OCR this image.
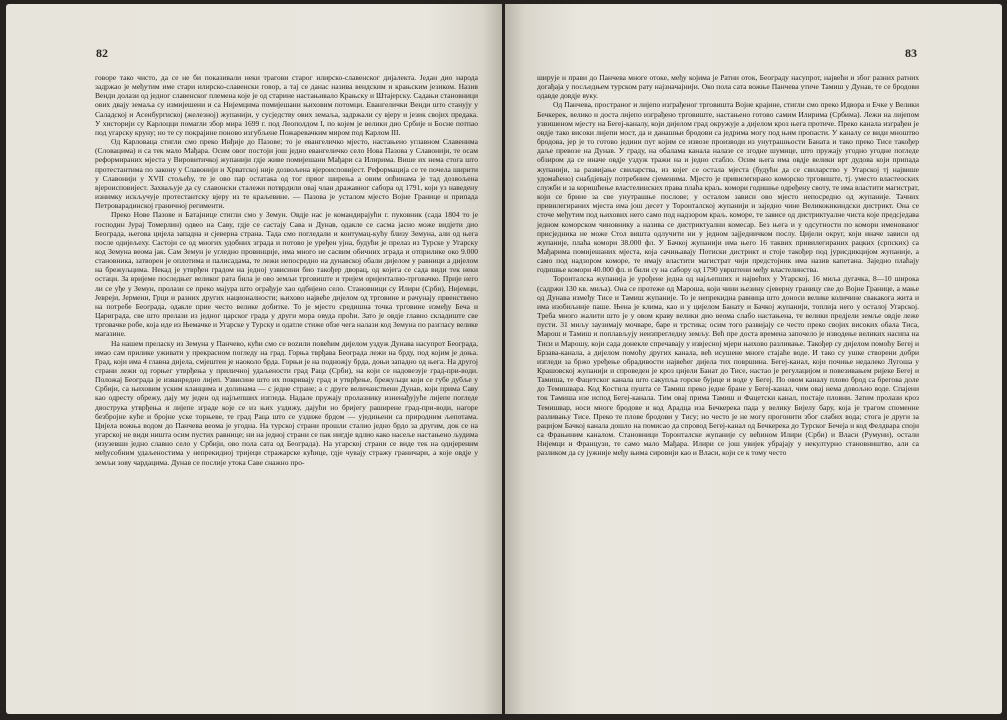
82

говоре тако чисто, да се не би показивали неки трагови старог илирско-славенског дијалекта. Један дио народа задржао је међутим имe стари илирско-славенски говор, а тај се данас назива вендским и крањским језиком. Назив Венди долази од једног славенског племена које је од старине настањивало Крањску и Штајерску. Садањи становници ових двају земаља су измијешени и са Нијемцима помијешани њиховим потомци. Евангелички Венди што станују у Саладској и Асенбургиској (железној) жупанији, у сусједству ових земаља, задржали су вјеру и језик својих предака. У хисторији су Карлоцци помагли збор мира 1699 г. под Леополдом I, по којем је велики дио Србије и Босне потпао под угарску круну; но те су покрајине поново изгубљене Пожаревачким миром под Карлом III.

Од Карловаца стигли смо преко Инђије до Пазове; то је евангеличко мјесто, настањено углавном Славенима (Словацима) и са тек мало Мађара. Осим овог постоји још једно евангеличко село Нова Пазова у Славонији, те осам реформираних мјеста у Вировитичкој жупанији гдје живе помијешани Мађари са Илирима. Више их нема стога што протестантима по закону у Славонији и Хрватској није дозвољена вјероисповијест. Реформација се тe почела ширити у Славонији у XVII стољећу, те је ово пар остатака од тог првог ширења а овим опћинама је тад дозвољена вјероисповијест. Захваљује да су славонски сталежи потврдили овај члан дражавног сабора од 1791, који уз наведену изнимку искључује протестантску вјеру из те краљевине. — Пазова је усталом мјесто Војне Границе и припада Петроварадинској граничној регименти.

Преко Нове Пазове и Батајнице стигли смо у Земун. Овдје нас је командирајући г. пуковник (сада 1804 то је господин Јурај Томерлин) одвео на Саву, гдје се састају Сава и Дунав, одакле се сасма јасно може видјети дио Београда, његова цијела западна и сјеверна страна. Тада смо погледали и контумац-кућу близу Земуна, али од њега после одијељеху. Састоји се од многих удобних зграда и потово је уређен ујна, будући је прелаз из Турске у Угарску код Земуна веома јак. Сам Земун је угледно провинције, има много не сасвим обичних зграда и отприлике око 9.000 становника, затворен је оплотима и палисадама, те лежи непосредно на дунавској обали дијелом у равници а дијелом на брежуљцима. Некад је утврђен градом на једној узвисини био такођер дворац, од којега се сада види тек неки остаци. За вријеме последњег великог рата била је ово земљи трговиште и тријем оријентално-трговачко. Прије него ли се уђе у Земун, пролази се преко мајура што ограђује хао одбијено село. Становници су Илири (Срби), Нијемци, Јевреји, Јермени, Грци и разних других националности; њихово највеће дијелом од трговине и рачунају првенствено на потребе Београда, одакле прие често велике добитке. То је мјесто средишна точка трговине између Беча и Цариграда, све што прелази из једног царског града у други мора овуда проћи. Зато је овдје главно складиште све трговачке робе, која иде из Њемачке и Угарске у Турску и одатле стиже обзе чега налази код Земуна по разгласу велике магазине.

На нашем преласку из Земуна у Панчево, кући смо се вozили повећим дијелом уздуж Дунава насупрот Београда, имао сам прилике уживати у прекрасном погледу на град. Горња тврђава Београда лежи на брду, под којим је доња. Град, који има 4 главна дијела, смјештен је наоколо брда. Горњи је на подножју брда, доњи западно од њега. На другој страни лежи од горњег утврђења у приличној удаљености град Раца (Срби), на који се надовезује град-при-води. Положај Београда је изванредно лијеп. Узвисине што их покривају град и утврђење, брежуљци који се губе дубље у Србији, са њиховим уским кланцима и долинама — с једне стране; а с друге величанствени Дунав, који прима Саву као одресту обрежу, дају му једен од најљепших изгледа. Надале пружају пролазнику изненађујуће лијепе погледе двострука утврђења и лијепе зграде које се из њих уздижу, дајући но бријегу раширене град-при-води, нагоре безбројне куће и бројне уске торњеве, те град Раца што се уздиже брдом — уједињени са природним љепотама. Цијела вожња водом до Панчева веома је угодна. На турској страни прошли сталио једно брдо за другим, док се на угарској не види ништа осим пустих равнице; ни на једној страни се пак нигдје вдлио како насеље настањено људима (изузевши једно славно село у Србији, ово пола сата од Београда). На угарској страни се виде тек на одијереним међусобним удаљеностима у непрекидној тријеци стражарске кућице, гдје чувају стражу граничари, а које овдје у земљи зову чардацима. Дунав се послије утока Саве снажно про-

83

ширује и прави до Панчева многе отоке, међу којима је Ратни оток, Београду насупрот, највећи и због разних ратних догађаја у посљедњем турском рату најзначајнији. Око пола сата вожње Панчева утиче Тамиш у Дунав, те се бродови одавде довдје вуку.

Од Панчева, пространог и лијепо изграђеног трговишта Војне крајине, стигли смо преко Идвора и Ечке у Велики Бечкерек, велико и доста лијепо изграђено трговиште, настањено готово самим Илирима (Србима). Лежи на лијепом узвишеном мјесту на Бегеј-каналу, који дијелом град окружује а дијелом кроз њега протиче. Преко канала изграђен је овдје тако високи лијепи мост, да и данашњи бродови са једрима могу под њим пропасти. У каналу се види мноштво бродова, јер је то готово једини пут којим се извозе производи из унутрашњости Баната и тако преко Тисе такођер даље превозе на Дунав. У граду, на обалама канала налазе се згодне шумице, што пружају угодно угодне погледе обзиром да се иначе овдје уздуж тражи на и једно стабло. Осим њега има овдје велики врт дудова који припада жупанији, за развијање свиларства, из којег се остала мјеста (будући да се свиларство у Угарској тј највише удомаћено) снабдјевају потребним сјеменима. Мјесто је привилегирано коморско трговиште, тј. уместо властеоских служби и за коришћење властелинских права плаћа краљ. комори годишње одређену своту, те има властити магистрат, који се брине за све унутрашње послове; у осталом зависи ово мјесто непосредно од жупаније. Тачних привилегираних мјеста има још десет у Торонталској жупанији и заједно чине Великокикиндски дистрикт. Она се сточе међутим под њихових него само под надзором краљ. коморе, те зависе од дистриктуалне чиста које предсједава једном коморском чиновнику а назива се дистриктуални комесар. Без њега и у одсутности по комори именованог присједника не може Стол вишта одлучити ни у једном зајједничком послу. Цијели округ, који иначе зависи од жупаније, плаћа комори 38.000 фл. У Бачкој жупанији има њего 16 таквих привилегираних рацких (српских) са Мађарима помијешаних мјеста, која сачињавају Потиски дистрикт и стоје такођер под јурисдикцијом жупаније, а само под надзором коморе, те имају властити магистрат чији предстојник има назив капетана. Заједно плаћају годишње комори 40.000 фл. и били су на сабору од 1790 уврштени међу властелинства.

Торонталска жупанија је урођене једна од најљепших и највећих у Угарској, 16 миља дугачка, 8—10 широка (садржи 130 кв. миља). Она се протеже од Мароша, који чини њезину сјеверну границу све до Војне Границе, а мање од Дунава између Тисе и Тамиш жупаније. То је непрекидна равница што доноси велике количине свакакога жита и има изобиљније паше. Њена је клима, као и у цијелом Банату и Бачкој жупанији, топлија него у осталој Угарској. Треба много жалити што је у овом краву велики дио веома слабо настањена, те велики предјели земље овдје леже пусти. 31 миљу заузимају мочваре, баре и трстика; осим того развијају се често преко својих високих обала Тиса, Марош и Тамиш и поплављују неизпрегледну земљу. Већ пре доста времена започело је изводење великих насипа на Тиси и Марошу, који сада донекле спречавају у извјесној мјери њихово разливање. Такођер су дијелом помоћу Бегеј и Брзава-канала, а дијелом помоћу других канала, већ исушене многе стајаће воде. И тако су ушке створени добри изгледи за бржо уређење обрадивости највећег дијела тих површина. Бегеј-канал, који почиње недалеко Лугоша у Крашовској жупанији и спроведен је кроз цијели Банат до Тисе, настао је регулацијом и повезивањем ријеке Бегеј и Тамиша, те Фацетског канала што сакупља горске бујице и воде у Бегеј. По овом каналу плово брод са брегова доле до Темишвара. Код Костила пушта се Тамиш преко једне бране у Бегеј-канал, чим овај нема довољно воде. Спајени ток Тамиша изе испод Бегеј-канала. Тим овај прима Тамиш и Фацетски канал, постаје пловни. Затим пролази кроз Темишвар, носи многе бродове и код Арадца иза Бечкерека пада у велику Бијелу бару, која је трагом споменне разливању Тисе. Преко те плове бродови у Тису; но често је не могу прогонити због слабих вода; стога је други за рацијом Бачкој канала дошло на помисао да спровод Бегеј-канал од Бечкерека до Турског Бечеја и код Фелдвара споји са Фрањиним каналом. Становници Торонталске жупаније су већином Илири (Срби) и Власи (Румуни), остали Нијемци и Французи, те само мало Мађара. Илири се још увијек убрајају у некултурно становништво, али са разликом да су јужније међу њима сировији као и Власи, који се к тому често
